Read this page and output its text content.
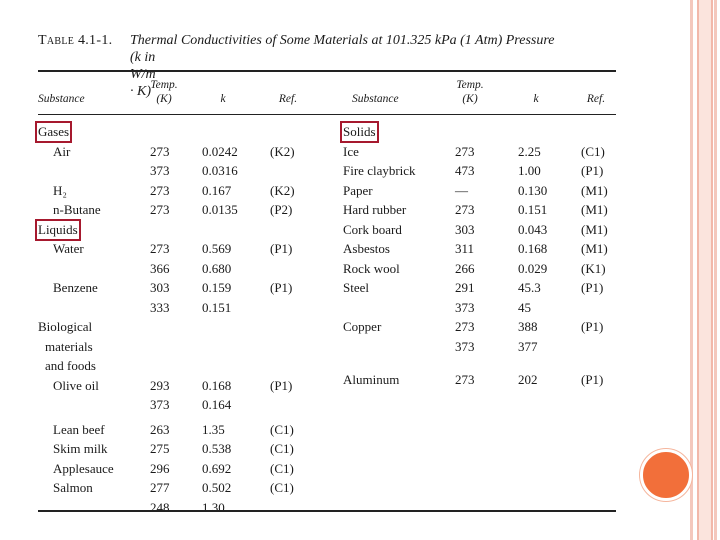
Table 4.1-1. Thermal Conductivities of Some Materials at 101.325 kPa (1 Atm) Pressure
(k in W/m · K)
Substance
Temp.
(K)	k	Ref.	Substance
Temp.
(K)	k	Ref.
Gases
Air	273	0.0242 (K2)
373	0.0316
H₂	273	0.167	(K2)
n-Butane	273	0.0135 (P2)
Liquids
Water	273	0.569	(P1)
366	0.680
Benzene	303	0.159	(P1)
333	0.151
Biological
materials
and foods
Olive oil	293	0.168	(P1)
373	0.164
Lean beef	263	1.35	(C1)
Skim milk	275	0.538	(C1)
Applesauce	296	0.692	(C1)
Salmon	277	0.502	(C1)
248	1.30
Solids
Ice	273	2.25	(C1)
Fire claybrick	473	1.00	(P1)
Paper	—	0.130	(M1)
Hard rubber	273	0.151	(M1)
Cork board	303	0.043	(M1)
Asbestos	311	0.168	(M1)
Rock wool	266	0.029	(K1)
Steel	291	45.3	(P1)
373	45
Copper	273	388	(P1)
373	377
Aluminum	273	202	(P1)
